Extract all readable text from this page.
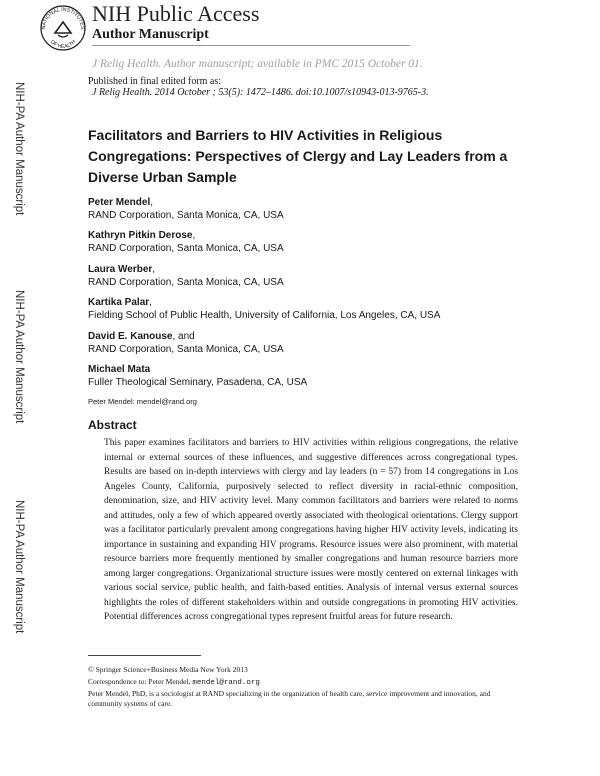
NIH-PA Author Manuscript
NIH-PA Author Manuscript
NIH-PA Author Manuscript
NATIONAL INSTITUTES
OF HEALTH
NIH Public Access
Author Manuscript
J Relig Health. Author manuscript; available in PMC 2015 October 01.
Published in final edited form as:
J Relig Health. 2014 October ; 53(5): 1472–1486. doi:10.1007/s10943-013-9765-3.
Facilitators and Barriers to HIV Activities in Religious Congregations: Perspectives of Clergy and Lay Leaders from a Diverse Urban Sample
Peter Mendel,
RAND Corporation, Santa Monica, CA, USA
Kathryn Pitkin Derose,
RAND Corporation, Santa Monica, CA, USA
Laura Werber,
RAND Corporation, Santa Monica, CA, USA
Kartika Palar,
Fielding School of Public Health, University of California, Los Angeles, CA, USA
David E. Kanouse, and
RAND Corporation, Santa Monica, CA, USA
Michael Mata
Fuller Theological Seminary, Pasadena, CA, USA
Peter Mendel: mendel@rand.org
Abstract
This paper examines facilitators and barriers to HIV activities within religious congregations, the relative internal or external sources of these influences, and suggestive differences across congregational types. Results are based on in-depth interviews with clergy and lay leaders (n = 57) from 14 congregations in Los Angeles County, California, purposively selected to reflect diversity in racial-ethnic composition, denomination, size, and HIV activity level. Many common facilitators and barriers were related to norms and attitudes, only a few of which appeared overtly associated with theological orientations. Clergy support was a facilitator particularly prevalent among congregations having higher HIV activity levels, indicating its importance in sustaining and expanding HIV programs. Resource issues were also prominent, with material resource barriers more frequently mentioned by smaller congregations and human resource barriers more among larger congregations. Organizational structure issues were mostly centered on external linkages with various social service, public health, and faith-based entities. Analysis of internal versus external sources highlights the roles of different stakeholders within and outside congregations in promoting HIV activities. Potential differences across congregational types represent fruitful areas for future research.
© Springer Science+Business Media New York 2013
Correspondence to: Peter Mendel, mendel@rand.org
Peter Mendel, PhD, is a sociologist at RAND specializing in the organization of health care, service improvement and innovation, and community systems of care.
